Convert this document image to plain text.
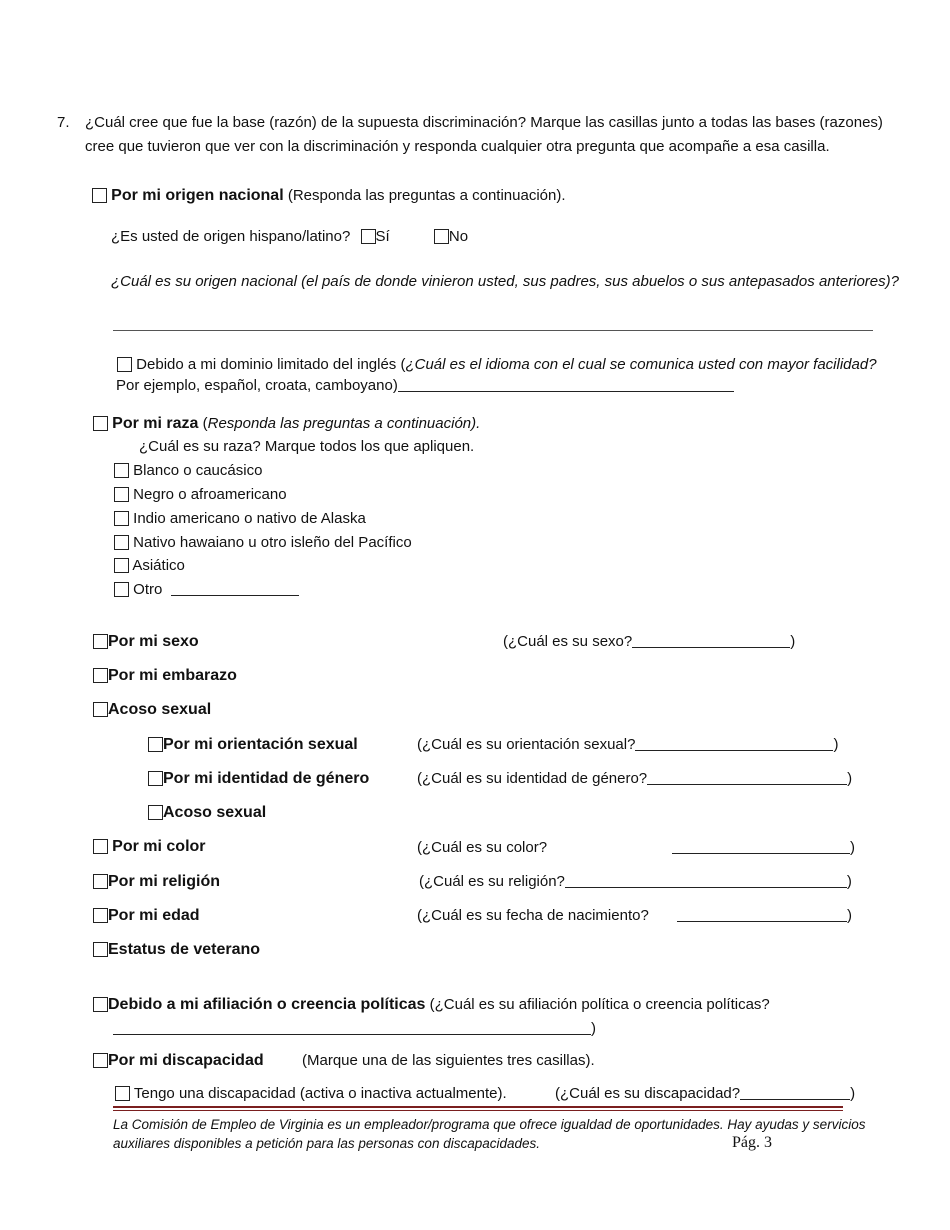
7. ¿Cuál cree que fue la base (razón) de la supuesta discriminación? Marque las casillas junto a todas las bases (razones)
cree que tuvieron que ver con la discriminación y responda cualquier otra pregunta que acompañe a esa casilla.
Por mi origen nacional (Responda las preguntas a continuación).
¿Es usted de origen hispano/latino? Sí	No
¿Cuál es su origen nacional (el país de donde vinieron usted, sus padres, sus abuelos o sus antepasados anteriores)?
Debido a mi dominio limitado del inglés (¿Cuál es el idioma con el cual se comunica usted con mayor facilidad?
Por ejemplo, español, croata, camboyano)
Por mi raza (Responda las preguntas a continuación).
¿Cuál es su raza? Marque todos los que apliquen.
Blanco o caucásico
Negro o afroamericano
Indio americano o nativo de Alaska
Nativo hawaiano u otro isleño del Pacífico
Asiático
Otro
Por mi sexo	(¿Cuál es su sexo?	)
Por mi embarazo
Acoso sexual
Por mi orientación sexual	(¿Cuál es su orientación sexual?	)
Por mi identidad de género	(¿Cuál es su identidad de género?	)
Acoso sexual
Por mi color	(¿Cuál es su color?	)
Por mi religión	(¿Cuál es su religión?	)
Por mi edad	(¿Cuál es su fecha de nacimiento?	)
Estatus de veterano
Debido a mi afiliación o creencia políticas (¿Cuál es su afiliación política o creencia políticas?
)
Por mi discapacidad	(Marque una de las siguientes tres casillas).
Tengo una discapacidad (activa o inactiva actualmente).	(¿Cuál es su discapacidad?	)
La Comisión de Empleo de Virginia es un empleador/programa que ofrece igualdad de oportunidades. Hay ayudas y servicios
auxiliares disponibles a petición para las personas con discapacidades.	Pág. 3
